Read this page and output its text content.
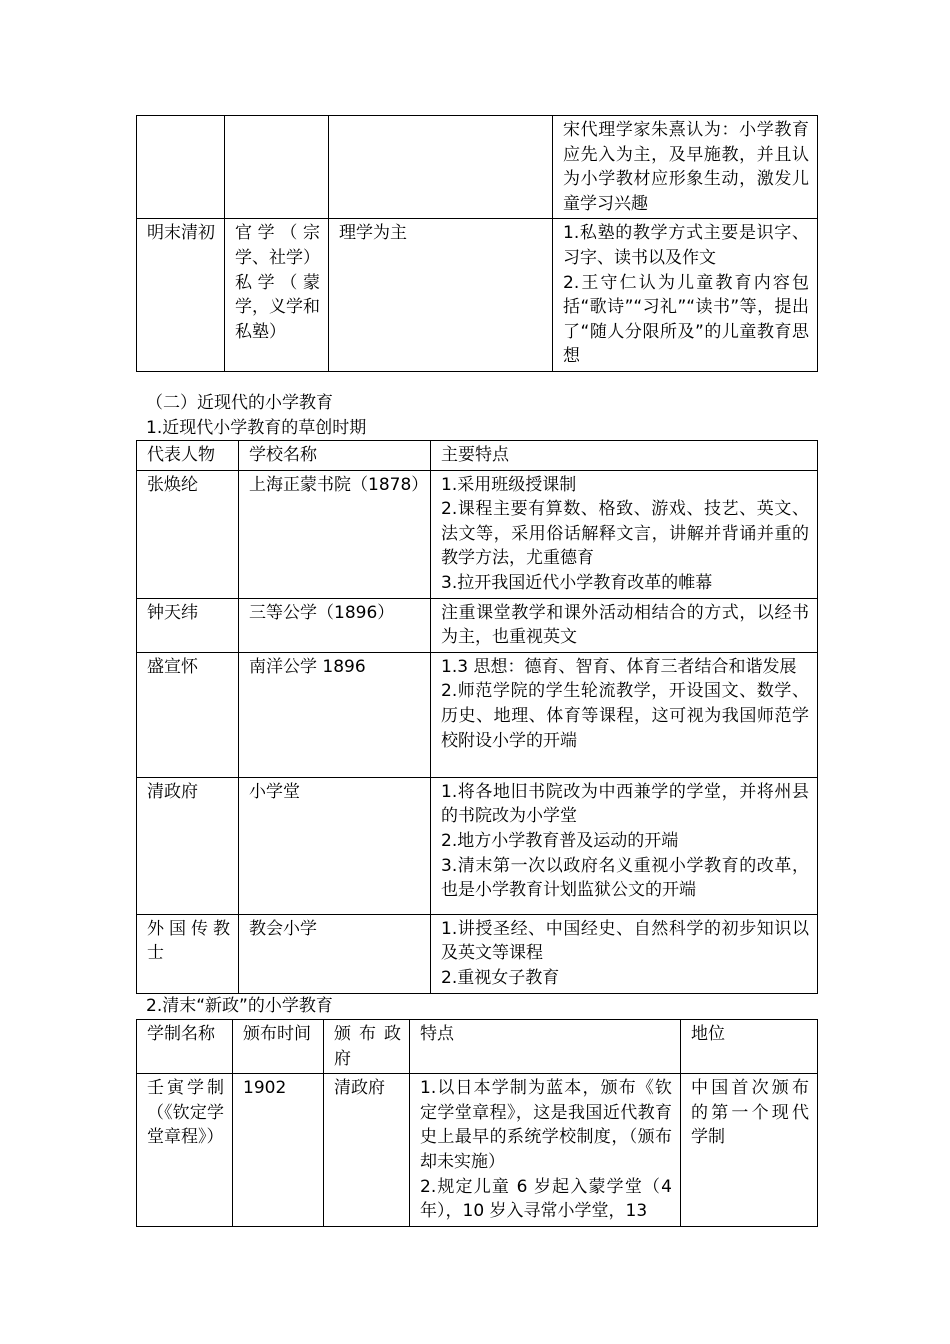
			宋代理学家朱熹认为：小学教育应先入为主，及早施教，并且认为小学教材应形象生动，激发儿童学习兴趣

明末清初	官学（宗学、社学）私学（蒙学，义学和私塾）	理学为主	1.私塾的教学方式主要是识字、习字、读书以及作文
2.王守仁认为儿童教育内容包括“歌诗”“习礼”“读书”等，提出了“随人分限所及”的儿童教育思想
（二）近现代的小学教育
1.近现代小学教育的草创时期
代表人物	学校名称	主要特点

张焕纶	上海正蒙书院（1878）	1.采用班级授课制
2.课程主要有算数、格致、游戏、技艺、英文、法文等，采用俗话解释文言，讲解并背诵并重的教学方法，尤重德育
3.拉开我国近代小学教育改革的帷幕

钟天纬	三等公学（1896）	注重课堂教学和课外活动相结合的方式，以经书为主，也重视英文

盛宣怀	南洋公学 1896	1.3 思想：德育、智育、体育三者结合和谐发展
2.师范学院的学生轮流教学，开设国文、数学、历史、地理、体育等课程，这可视为我国师范学校附设小学的开端

清政府	小学堂	1.将各地旧书院改为中西兼学的学堂，并将州县的书院改为小学堂
2.地方小学教育普及运动的开端
3.清末第一次以政府名义重视小学教育的改革，也是小学教育计划监狱公文的开端

外国传教士	教会小学	1.讲授圣经、中国经史、自然科学的初步知识以及英文等课程
2.重视女子教育
2.清末“新政”的小学教育
学制名称	颁布时间	颁布政府	特点	地位

壬寅学制（《钦定学堂章程》）	1902	清政府	1.以日本学制为蓝本，颁布《钦定学堂章程》，这是我国近代教育史上最早的系统学校制度，（颁布却未实施）
2.规定儿童 6 岁起入蒙学堂（4 年），10 岁入寻常小学堂，13	中国首次颁布的第一个现代学制
